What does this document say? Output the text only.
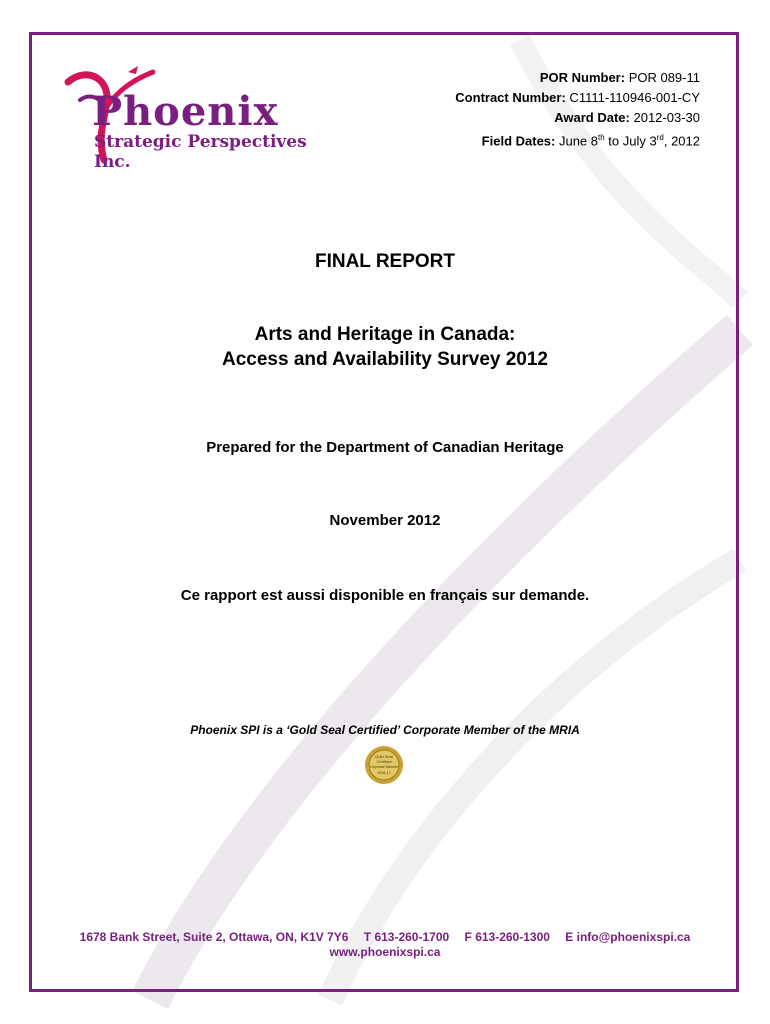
Phoenix
Strategic Perspectives Inc.
POR Number: POR 089-11
Contract Number: C1111-110946-001-CY
Award Date: 2012-03-30
Field Dates: June 8th to July 3rd, 2012
FINAL REPORT
Arts and Heritage in Canada:
Access and Availability Survey 2012
Prepared for the Department of Canadian Heritage
November 2012
Ce rapport est aussi disponible en français sur demande.
Phoenix SPI is a ‘Gold Seal Certified’ Corporate Member of the MRIA
Gold Seal
Certified
Corporate Member
2016-17
1678 Bank Street, Suite 2, Ottawa, ON, K1V 7Y6 T 613-260-1700 F 613-260-1300 E info@phoenixspi.ca
www.phoenixspi.ca
